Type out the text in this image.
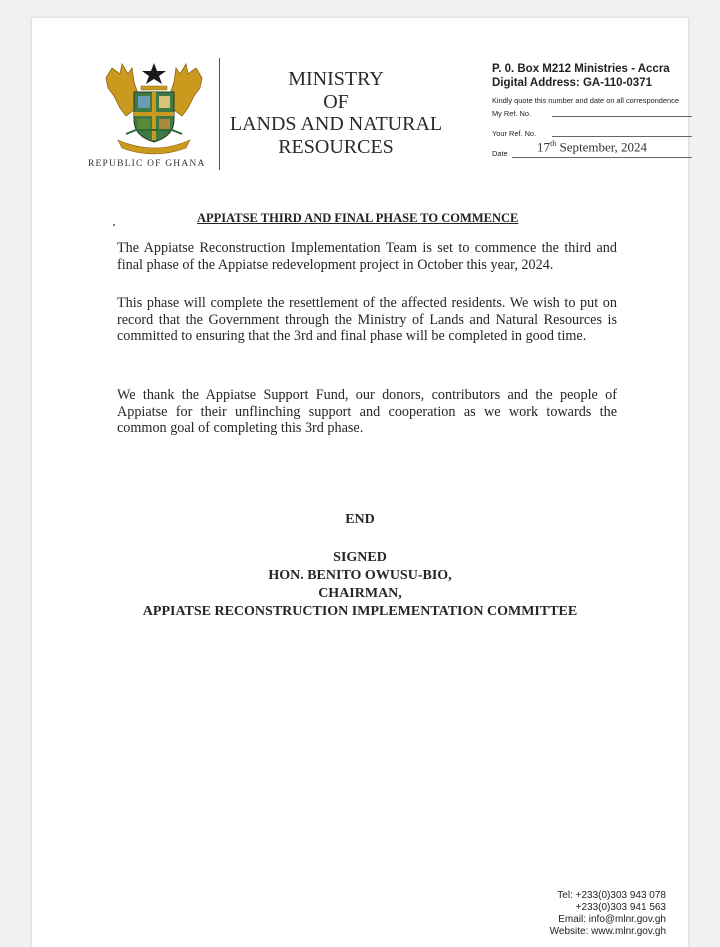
REPUBLIC OF GHANA
MINISTRY
OF
LANDS AND NATURAL
RESOURCES
P. 0. Box M212 Ministries - Accra
Digital Address: GA-110-0371
Kindly quote this number and date on all correspondence
My Ref. No.
Your Ref. No.
Date 17th September, 2024
APPIATSE THIRD AND FINAL PHASE TO COMMENCE
The Appiatse Reconstruction Implementation Team is set to commence the third and final phase of the Appiatse redevelopment project in October this year, 2024.
This phase will complete the resettlement of the affected residents. We wish to put on record that the Government through the Ministry of Lands and Natural Resources is committed to ensuring that the 3rd and final phase will be completed in good time.
We thank the Appiatse Support Fund, our donors, contributors and the people of Appiatse for their unflinching support and cooperation as we work towards the common goal of completing this 3rd phase.
END
SIGNED
HON. BENITO OWUSU-BIO,
CHAIRMAN,
APPIATSE RECONSTRUCTION IMPLEMENTATION COMMITTEE
Tel: +233(0)303 943 078
+233(0)303 941 563
Email: info@mlnr.gov.gh
Website: www.mlnr.gov.gh
